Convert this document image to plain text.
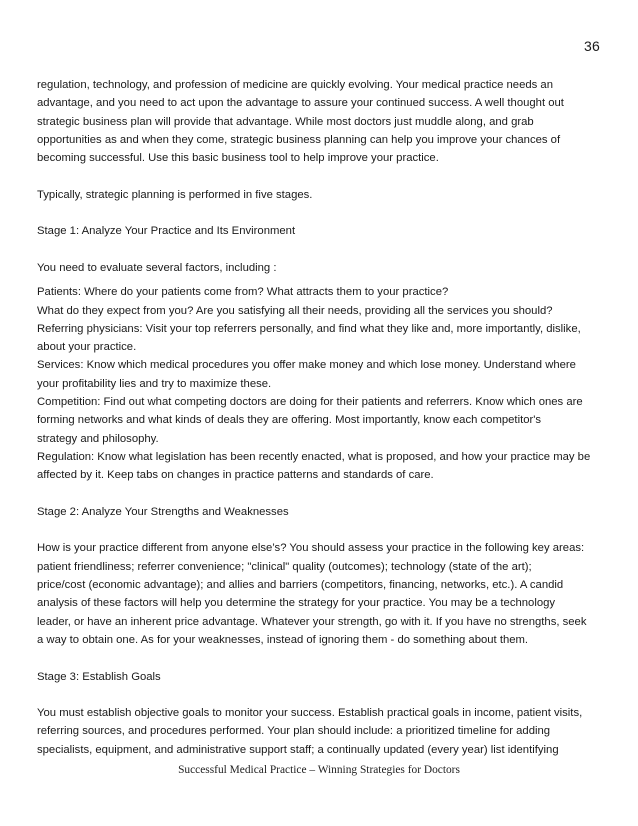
36
regulation, technology, and profession of medicine are quickly evolving. Your medical practice needs an
advantage, and you need to act upon the advantage to assure your continued success. A well thought out
strategic business plan will provide that advantage. While most doctors just muddle along, and grab
opportunities as and when they come, strategic business planning can help you improve your chances of
becoming successful. Use this basic business tool to help improve your practice.
Typically, strategic planning is performed in five stages.
Stage 1: Analyze Your Practice and Its Environment
You need to evaluate several factors, including :
Patients: Where do your patients come from? What attracts them to your practice?
What do they expect from you? Are you satisfying all their needs, providing all the services you should?
Referring physicians: Visit your top referrers personally, and find what they like and, more importantly, dislike,
about your practice.
Services: Know which medical procedures you offer make money and which lose money. Understand where
your profitability lies and try to maximize these.
Competition: Find out what competing doctors are doing for their patients and referrers. Know which ones are
forming networks and what kinds of deals they are offering. Most importantly, know each competitor's
strategy and philosophy.
Regulation: Know what legislation has been recently enacted, what is proposed, and how your practice may be
affected by it. Keep tabs on changes in practice patterns and standards of care.
Stage 2: Analyze Your Strengths and Weaknesses
How is your practice different from anyone else’s? You should assess your practice in the following key areas:
patient friendliness; referrer convenience; "clinical" quality (outcomes); technology (state of the art);
price/cost (economic advantage); and allies and barriers (competitors, financing, networks, etc.). A candid
analysis of these factors will help you determine the strategy for your practice. You may be a technology
leader, or have an inherent price advantage. Whatever your strength, go with it. If you have no strengths, seek
a way to obtain one. As for your weaknesses, instead of ignoring them - do something about them.
Stage 3: Establish Goals
You must establish objective goals to monitor your success. Establish practical goals in income, patient visits,
referring sources, and procedures performed. Your plan should include: a prioritized timeline for adding
specialists, equipment, and administrative support staff; a continually updated (every year) list identifying
Successful Medical Practice – Winning Strategies for Doctors
